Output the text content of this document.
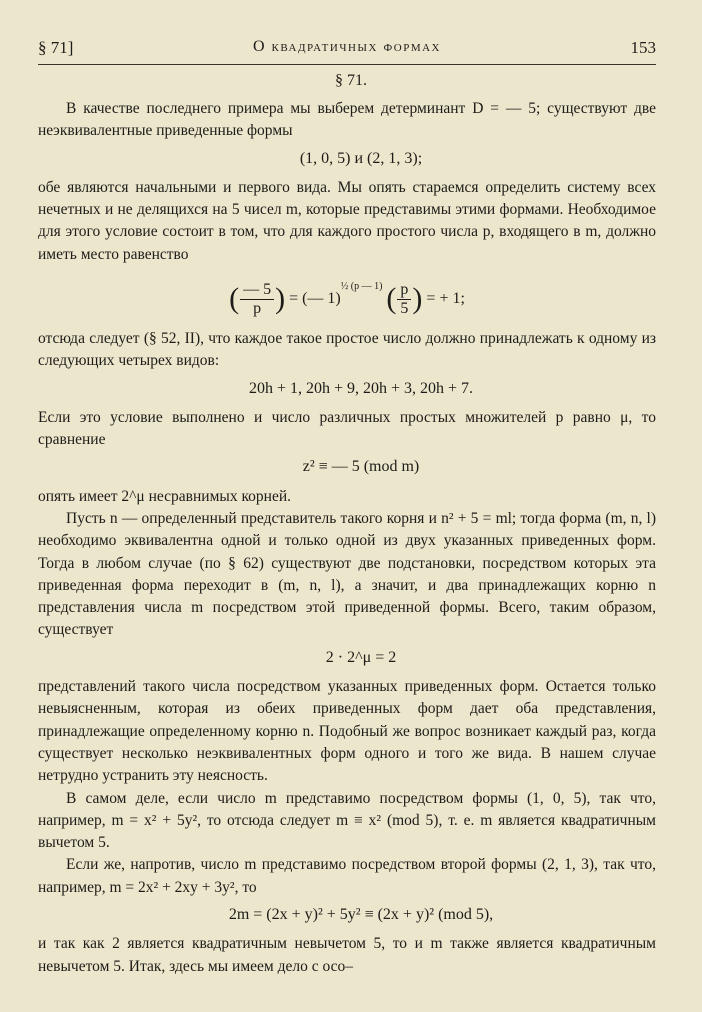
§ 71]	О квадратичных формах	153
§ 71.

В качестве последнего примера мы выберем детерминант D = — 5; существуют две неэквивалентные приведенные формы

(1, 0, 5) и (2, 1, 3);

обе являются начальными и первого вида. Мы опять стараемся определить систему всех нечетных и не делящихся на 5 чисел m, которые представимы этими формами. Необходимое для этого условие состоит в том, что для каждого простого числа p, входящего в m, должно иметь место равенство

( $\frac{— 5}{p}$ ) = (— 1)$^{\frac{1}{2} (p — 1)}$ ( $\frac{p}{5}$ ) = + 1;

отсюда следует (§ 52, II), что каждое такое простое число должно принадлежать к одному из следующих четырех видов:

20h + 1, 20h + 9, 20h + 3, 20h + 7.

Если это условие выполнено и число различных простых множителей p равно μ, то сравнение

z² ≡ — 5 (mod m)

опять имеет 2^μ несравнимых корней.

Пусть n — определенный представитель такого корня и n² + 5 = ml; тогда форма (m, n, l) необходимо эквивалентна одной и только одной из двух указанных приведенных форм. Тогда в любом случае (по § 62) существуют две подстановки, посредством которых эта приведенная форма переходит в (m, n, l), а значит, и два принадлежащих корню n представления числа m посредством этой приведенной формы. Всего, таким образом, существует

2 · 2^μ = 2

представлений такого числа посредством указанных приведенных форм. Остается только невыясненным, которая из обеих приведенных форм дает оба представления, принадлежащие определенному корню n. Подобный же вопрос возникает каждый раз, когда существует несколько неэквивалентных форм одного и того же вида. В нашем случае нетрудно устранить эту неясность.

В самом деле, если число m представимо посредством формы (1, 0, 5), так что, например, m = x² + 5y², то отсюда следует m ≡ x² (mod 5), т. е. m является квадратичным вычетом 5.

Если же, напротив, число m представимо посредством второй формы (2, 1, 3), так что, например, m = 2x² + 2xy + 3y², то

2m = (2x + y)² + 5y² ≡ (2x + y)² (mod 5),

и так как 2 является квадратичным невычетом 5, то и m также является квадратичным невычетом 5. Итак, здесь мы имеем дело с осо–
